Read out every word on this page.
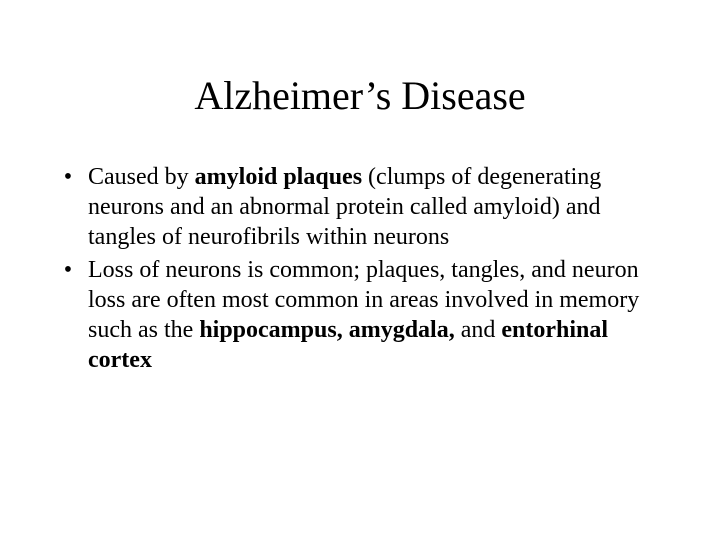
Alzheimer’s Disease
• Caused by amyloid plaques (clumps of degenerating neurons and an abnormal protein called amyloid) and tangles of neurofibrils within neurons
• Loss of neurons is common; plaques, tangles, and neuron loss are often most common in areas involved in memory such as the hippocampus, amygdala, and entorhinal cortex
